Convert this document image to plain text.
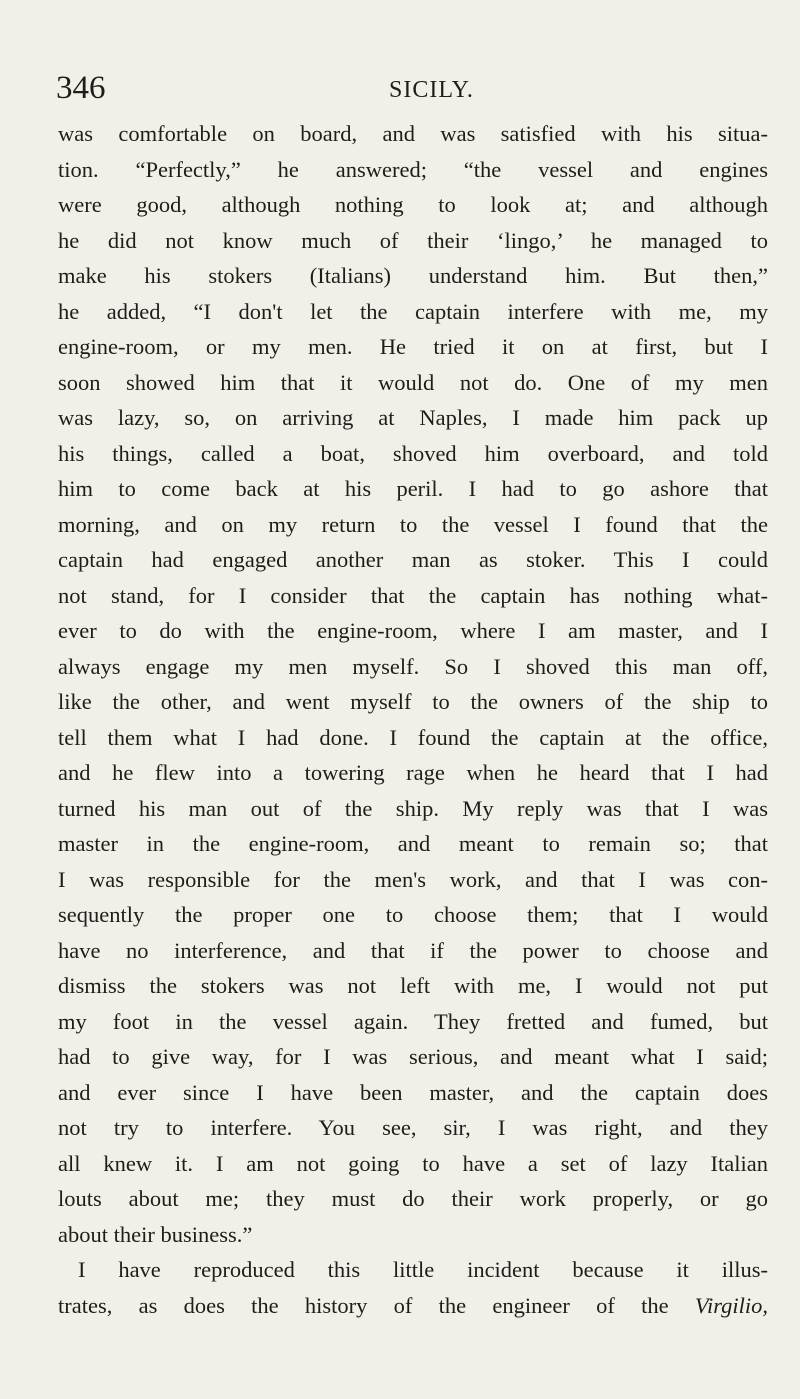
346	SICILY.
was comfortable on board, and was satisfied with his situa-
tion. “Perfectly,” he answered; “the vessel and engines
were good, although nothing to look at; and although
he did not know much of their ‘lingo,’ he managed to
make his stokers (Italians) understand him. But then,”
he added, “I don't let the captain interfere with me, my
engine-room, or my men. He tried it on at first, but I
soon showed him that it would not do. One of my men
was lazy, so, on arriving at Naples, I made him pack up
his things, called a boat, shoved him overboard, and told
him to come back at his peril. I had to go ashore that
morning, and on my return to the vessel I found that the
captain had engaged another man as stoker. This I could
not stand, for I consider that the captain has nothing what-
ever to do with the engine-room, where I am master, and I
always engage my men myself. So I shoved this man off,
like the other, and went myself to the owners of the ship to
tell them what I had done. I found the captain at the office,
and he flew into a towering rage when he heard that I had
turned his man out of the ship. My reply was that I was
master in the engine-room, and meant to remain so; that
I was responsible for the men's work, and that I was con-
sequently the proper one to choose them; that I would
have no interference, and that if the power to choose and
dismiss the stokers was not left with me, I would not put
my foot in the vessel again. They fretted and fumed, but
had to give way, for I was serious, and meant what I said;
and ever since I have been master, and the captain does
not try to interfere. You see, sir, I was right, and they
all knew it. I am not going to have a set of lazy Italian
louts about me; they must do their work properly, or go
about their business.”
I have reproduced this little incident because it illus-
trates, as does the history of the engineer of the Virgilio,
